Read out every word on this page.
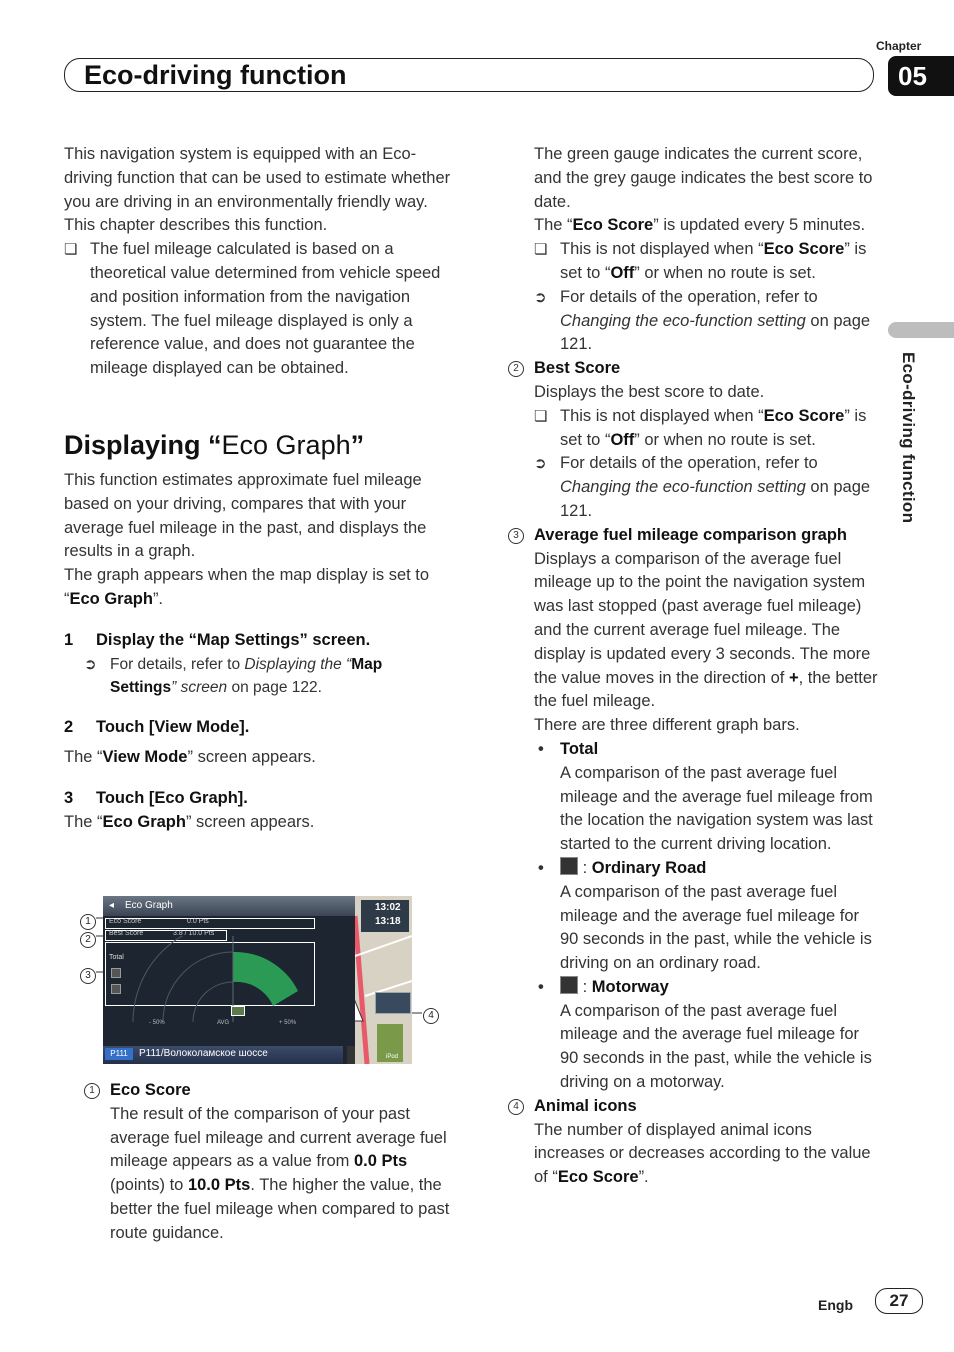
Eco-driving function
Chapter
05
Eco-driving function

This navigation system is equipped with an Eco-driving function that can be used to estimate whether you are driving in an environmentally friendly way.

This chapter describes this function.

❏ The fuel mileage calculated is based on a theoretical value determined from vehicle speed and position information from the navigation system. The fuel mileage displayed is only a reference value, and does not guarantee the mileage displayed can be obtained.
Displaying “Eco Graph”

This function estimates approximate fuel mileage based on your driving, compares that with your average fuel mileage in the past, and displays the results in a graph.

The graph appears when the map display is set to “Eco Graph”.

1 Display the “Map Settings” screen.
➲ For details, refer to Displaying the “Map Settings” screen on page 122.
2 Touch [View Mode].

The “View Mode” screen appears.

3 Touch [Eco Graph].

The “Eco Graph” screen appears.

1
2
3
4
◂ Eco Graph
Eco Score	0.0 Pts
Best Score	3.8 / 10.0 Pts
Total
- 50%	AVG	+ 50%
13:02
13:18
iPod
P111/Волоколамское шоссе
P111
1 Eco Score

The result of the comparison of your past average fuel mileage and current average fuel mileage appears as a value from 0.0 Pts (points) to 10.0 Pts. The higher the value, the better the fuel mileage when compared to past route guidance.

The green gauge indicates the current score, and the grey gauge indicates the best score to date.

The “Eco Score” is updated every 5 minutes.

❏ This is not displayed when “Eco Score” is set to “Off” or when no route is set.
➲ For details of the operation, refer to Changing the eco-function setting on page 121.
2 Best Score

Displays the best score to date.

❏ This is not displayed when “Eco Score” is set to “Off” or when no route is set.
➲ For details of the operation, refer to Changing the eco-function setting on page 121.
3 Average fuel mileage comparison graph

Displays a comparison of the average fuel mileage up to the point the navigation system was last stopped (past average fuel mileage) and the current average fuel mileage. The display is updated every 3 seconds. The more the value moves in the direction of +, the better the fuel mileage.

There are three different graph bars.

• Total

A comparison of the past average fuel mileage and the average fuel mileage from the location the navigation system was last started to the current driving location.

• : Ordinary Road

A comparison of the past average fuel mileage and the average fuel mileage for 90 seconds in the past, while the vehicle is driving on an ordinary road.

• : Motorway

A comparison of the past average fuel mileage and the average fuel mileage for 90 seconds in the past, while the vehicle is driving on a motorway.

4 Animal icons

The number of displayed animal icons increases or decreases according to the value of “Eco Score”.

Engb	27
